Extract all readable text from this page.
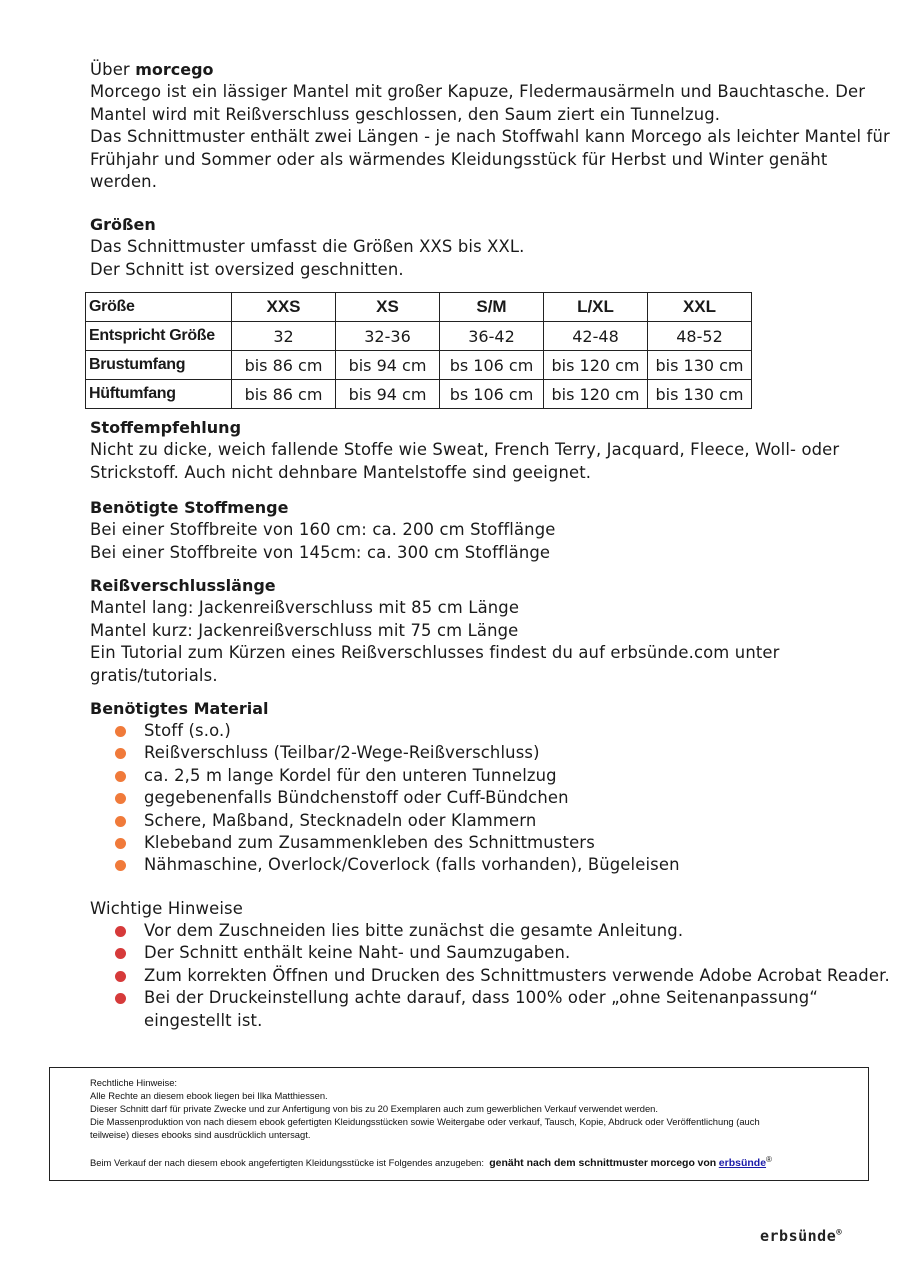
Über morcego
Morcego ist ein lässiger Mantel mit großer Kapuze, Fledermausärmeln und Bauchtasche. Der
Mantel wird mit Reißverschluss geschlossen, den Saum ziert ein Tunnelzug.
Das Schnittmuster enthält zwei Längen - je nach Stoffwahl kann Morcego als leichter Mantel für
Frühjahr und Sommer oder als wärmendes Kleidungsstück für Herbst und Winter genäht
werden.
Größen
Das Schnittmuster umfasst die Größen XXS bis XXL.
Der Schnitt ist oversized geschnitten.
Größe	XXS	XS	S/M	L/XL	XXL
Entspricht Größe	32	32-36	36-42	42-48	48-52
Brustumfang	bis 86 cm	bis 94 cm	bs 106 cm	bis 120 cm	bis 130 cm
Hüftumfang	bis 86 cm	bis 94 cm	bs 106 cm	bis 120 cm	bis 130 cm
Stoffempfehlung
Nicht zu dicke, weich fallende Stoffe wie Sweat, French Terry, Jacquard, Fleece, Woll- oder
Strickstoff. Auch nicht dehnbare Mantelstoffe sind geeignet.
Benötigte Stoffmenge
Bei einer Stoffbreite von 160 cm: ca. 200 cm Stofflänge
Bei einer Stoffbreite von 145cm: ca. 300 cm Stofflänge
Reißverschlusslänge
Mantel lang: Jackenreißverschluss mit 85 cm Länge
Mantel kurz: Jackenreißverschluss mit 75 cm Länge
Ein Tutorial zum Kürzen eines Reißverschlusses findest du auf erbsünde.com unter
gratis/tutorials.
Benötigtes Material
Stoff (s.o.)
Reißverschluss (Teilbar/2-Wege-Reißverschluss)
ca. 2,5 m lange Kordel für den unteren Tunnelzug
gegebenenfalls Bündchenstoff oder Cuff-Bündchen
Schere, Maßband, Stecknadeln oder Klammern
Klebeband zum Zusammenkleben des Schnittmusters
Nähmaschine, Overlock/Coverlock (falls vorhanden), Bügeleisen
Wichtige Hinweise
Vor dem Zuschneiden lies bitte zunächst die gesamte Anleitung.
Der Schnitt enthält keine Naht- und Saumzugaben.
Zum korrekten Öffnen und Drucken des Schnittmusters verwende Adobe Acrobat Reader.
Bei der Druckeinstellung achte darauf, dass 100% oder „ohne Seitenanpassung“
eingestellt ist.
Rechtliche Hinweise:
Alle Rechte an diesem ebook liegen bei Ilka Matthiessen.
Dieser Schnitt darf für private Zwecke und zur Anfertigung von bis zu 20 Exemplaren auch zum gewerblichen Verkauf verwendet werden.
Die Massenproduktion von nach diesem ebook gefertigten Kleidungsstücken sowie Weitergabe oder verkauf, Tausch, Kopie, Abdruck oder Veröffentlichung (auch
teilweise) dieses ebooks sind ausdrücklich untersagt.
Beim Verkauf der nach diesem ebook angefertigten Kleidungsstücke ist Folgendes anzugeben: genäht nach dem schnittmuster morcego von erbsünde®
erbsünde®
